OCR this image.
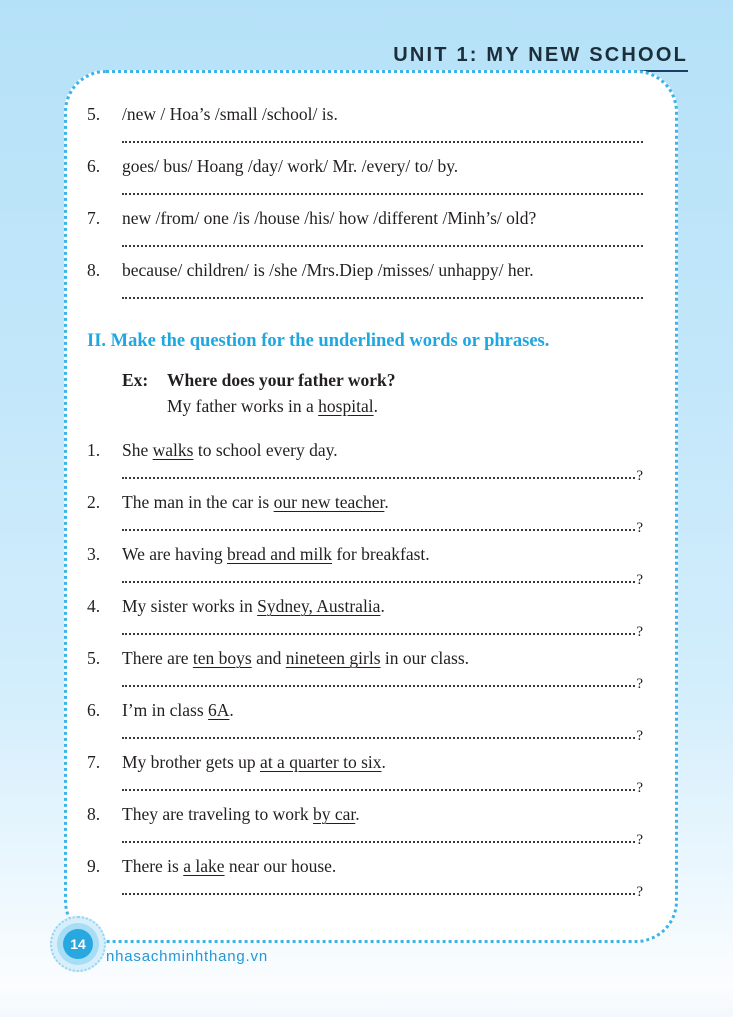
UNIT 1: MY NEW SCHOOL
5.	/new / Hoa’s /small /school/ is.
6.	goes/ bus/ Hoang /day/ work/ Mr. /every/ to/ by.
7.	new /from/ one /is /house /his/ how /different /Minh’s/ old?
8.	because/ children/ is /she /Mrs.Diep /misses/ unhappy/ her.
II. Make the question for the underlined words or phrases.
Ex:	Where does your father work?
My father works in a hospital.
1.	She walks to school every day.
?
2.	The man in the car is our new teacher.
?
3.	We are having bread and milk for breakfast.
?
4.	My sister works in Sydney, Australia.
?
5.	There are ten boys and nineteen girls in our class.
?
6.	I’m in class 6A.
?
7.	My brother gets up at a quarter to six.
?
8.	They are traveling to work by car.
?
9.	There is a lake near our house.
?
14
nhasachminhthang.vn
